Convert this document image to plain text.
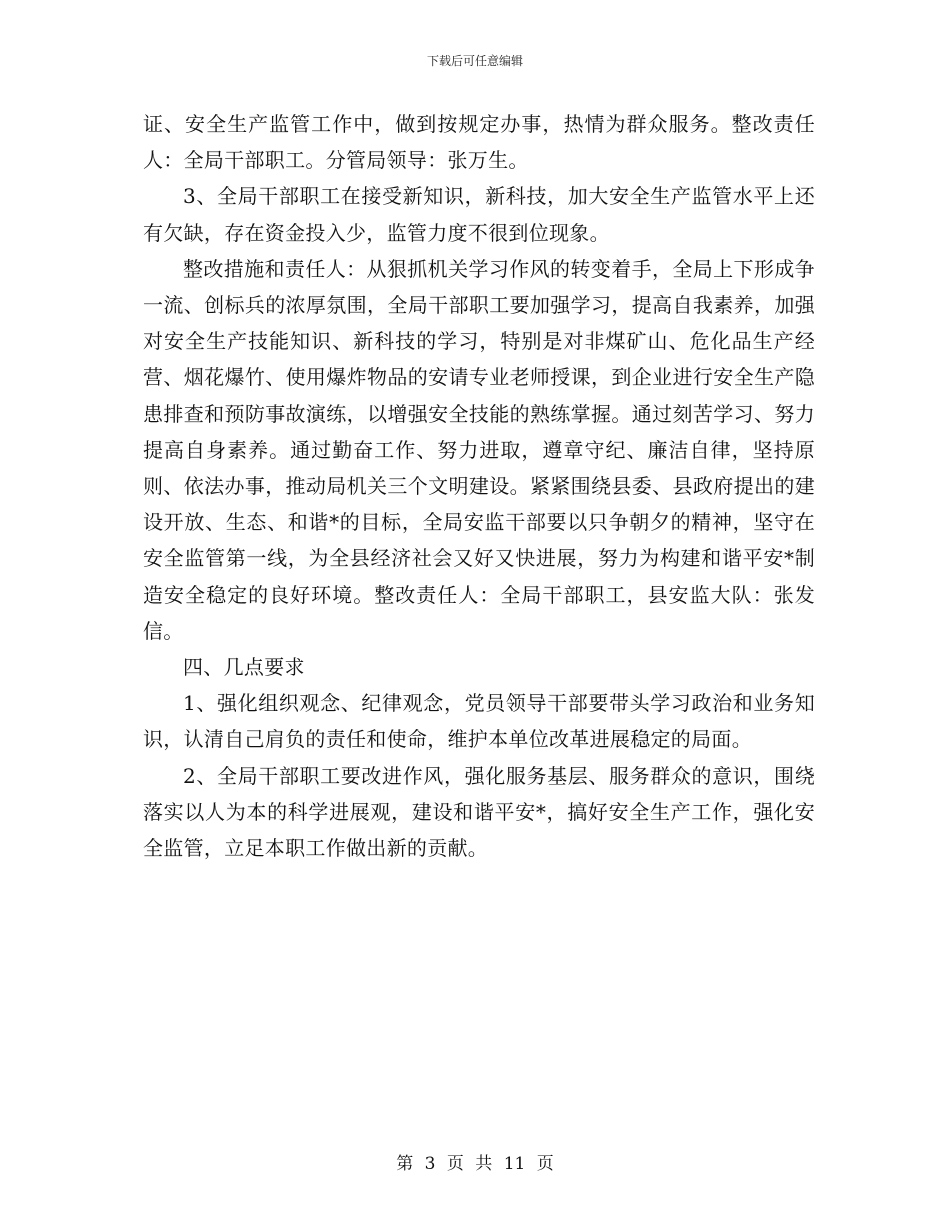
下载后可任意编辑

证、安全生产监管工作中，做到按规定办事，热情为群众服务。整改责任人：全局干部职工。分管局领导：张万生。

3、全局干部职工在接受新知识，新科技，加大安全生产监管水平上还有欠缺，存在资金投入少，监管力度不很到位现象。

整改措施和责任人：从狠抓机关学习作风的转变着手，全局上下形成争一流、创标兵的浓厚氛围，全局干部职工要加强学习，提高自我素养，加强对安全生产技能知识、新科技的学习，特别是对非煤矿山、危化品生产经营、烟花爆竹、使用爆炸物品的安请专业老师授课，到企业进行安全生产隐患排查和预防事故演练，以增强安全技能的熟练掌握。通过刻苦学习、努力提高自身素养。通过勤奋工作、努力进取，遵章守纪、廉洁自律，坚持原则、依法办事，推动局机关三个文明建设。紧紧围绕县委、县政府提出的建设开放、生态、和谐*的目标，全局安监干部要以只争朝夕的精神，坚守在安全监管第一线，为全县经济社会又好又快进展，努力为构建和谐平安*制造安全稳定的良好环境。整改责任人：全局干部职工，县安监大队：张发信。

四、几点要求

1、强化组织观念、纪律观念，党员领导干部要带头学习政治和业务知识，认清自己肩负的责任和使命，维护本单位改革进展稳定的局面。

2、全局干部职工要改进作风，强化服务基层、服务群众的意识，围绕落实以人为本的科学进展观，建设和谐平安*，搞好安全生产工作，强化安全监管，立足本职工作做出新的贡献。

第 3 页 共 11 页
